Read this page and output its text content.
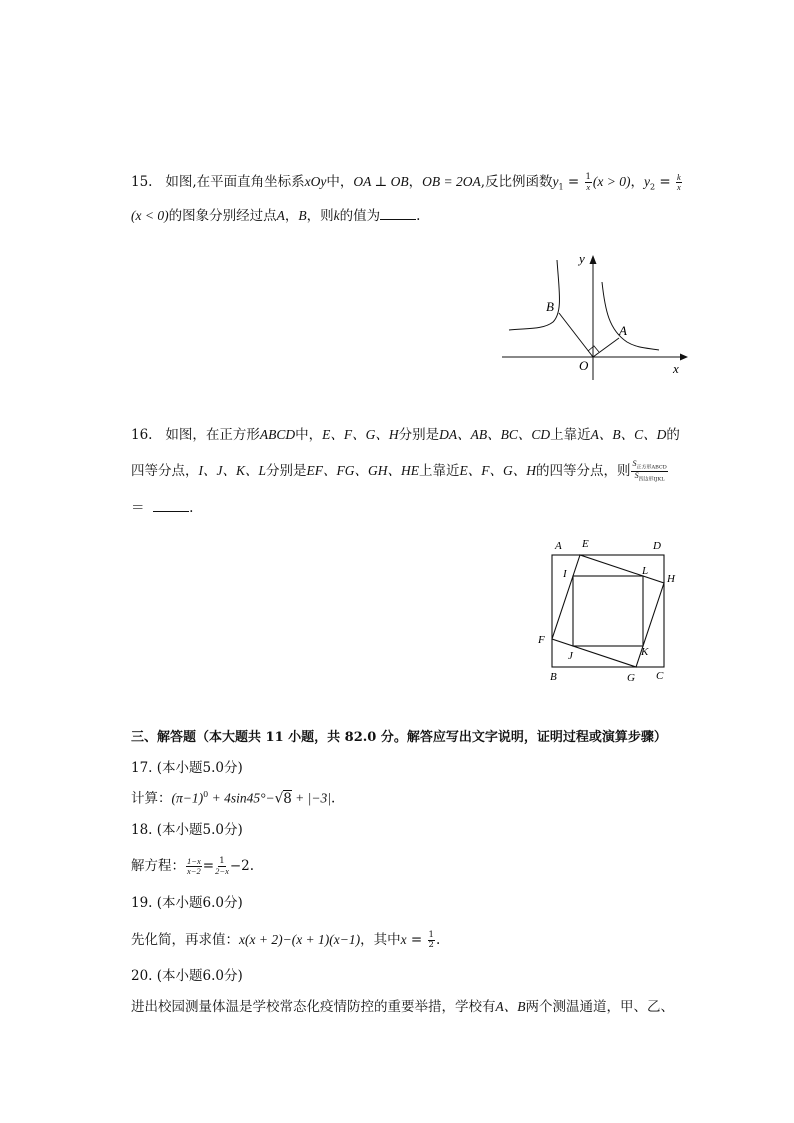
15. 如图,在平面直角坐标系xOy中，OA ⊥ OB，OB = 2OA,反比例函数$y_1 = \frac{1}{x} (x > 0)$，$y_2 = \frac{k}{x}$
(x < 0)的图象分别经过点A，B，则k的值为	.
y
B
A
O	x
16. 如图，在正方形ABCD中，E、F、G、H分别是DA、AB、BC、CD上靠近A、B、C、D的
四等分点，I、J、K、L分别是EF、FG、GH、HE上靠近E、F、G、H的四等分点，则 $\frac{S_{正方形ABCD}}{S_{四边形IJKL}}$
＝	.
A E	D
I	L
H
F
J	K
B	G C
三、解答题（本大题共 11 小题，共 82.0 分。解答应写出文字说明，证明过程或演算步骤）
17. (本小题5.0分)
计算：$(\pi-1)^0 + 4\sin 45^\circ-√8 + |-3|$.
18. (本小题5.0分)
解方程： $\frac{1-x}{x-2} = \frac{1}{2-x} -2$.
19. (本小题6.0分)
先化简，再求值：x(x + 2)−(x + 1)(x−1)，其中$x = \frac{1}{2}$ .
20. (本小题6.0分)
进出校园测量体温是学校常态化疫情防控的重要举措，学校有A、B两个测温通道，甲、乙、
